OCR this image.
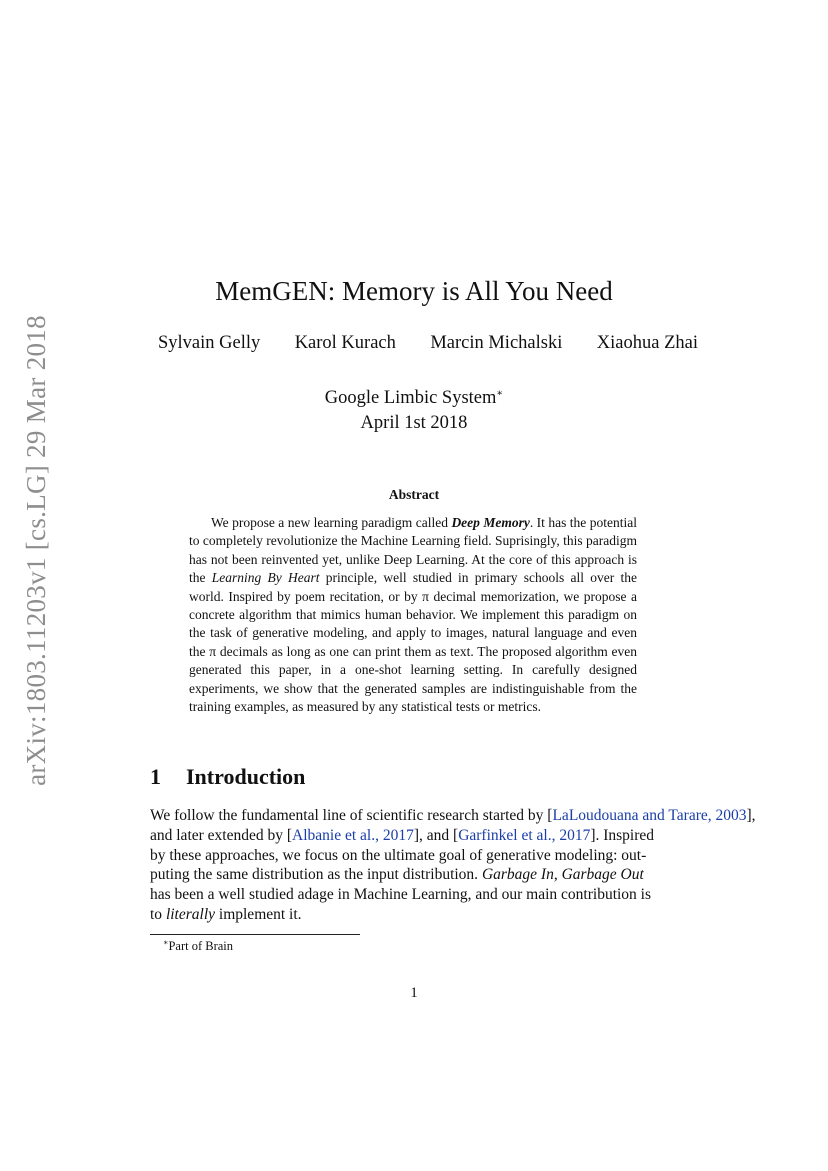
arXiv:1803.11203v1 [cs.LG] 29 Mar 2018
MemGEN: Memory is All You Need
Sylvain Gelly Karol Kurach Marcin Michalski Xiaohua Zhai
Google Limbic System∗
April 1st 2018
Abstract
We propose a new learning paradigm called Deep Memory. It has the potential to completely revolutionize the Machine Learning field. Suprisingly, this paradigm has not been reinvented yet, unlike Deep Learning. At the core of this approach is the Learning By Heart principle, well studied in primary schools all over the world. Inspired by poem recitation, or by π decimal memorization, we propose a concrete algorithm that mimics human behavior. We implement this paradigm on the task of generative modeling, and apply to images, natural language and even the π decimals as long as one can print them as text. The proposed algorithm even generated this paper, in a one-shot learning setting. In carefully designed experiments, we show that the generated samples are indistinguishable from the training examples, as measured by any statistical tests or metrics.
1 Introduction
We follow the fundamental line of scientific research started by [LaLoudouana and Tarare, 2003],
and later extended by [Albanie et al., 2017], and [Garfinkel et al., 2017]. Inspired
by these approaches, we focus on the ultimate goal of generative modeling: out-
puting the same distribution as the input distribution. Garbage In, Garbage Out
has been a well studied adage in Machine Learning, and our main contribution is
to literally implement it.
∗Part of Brain
1
